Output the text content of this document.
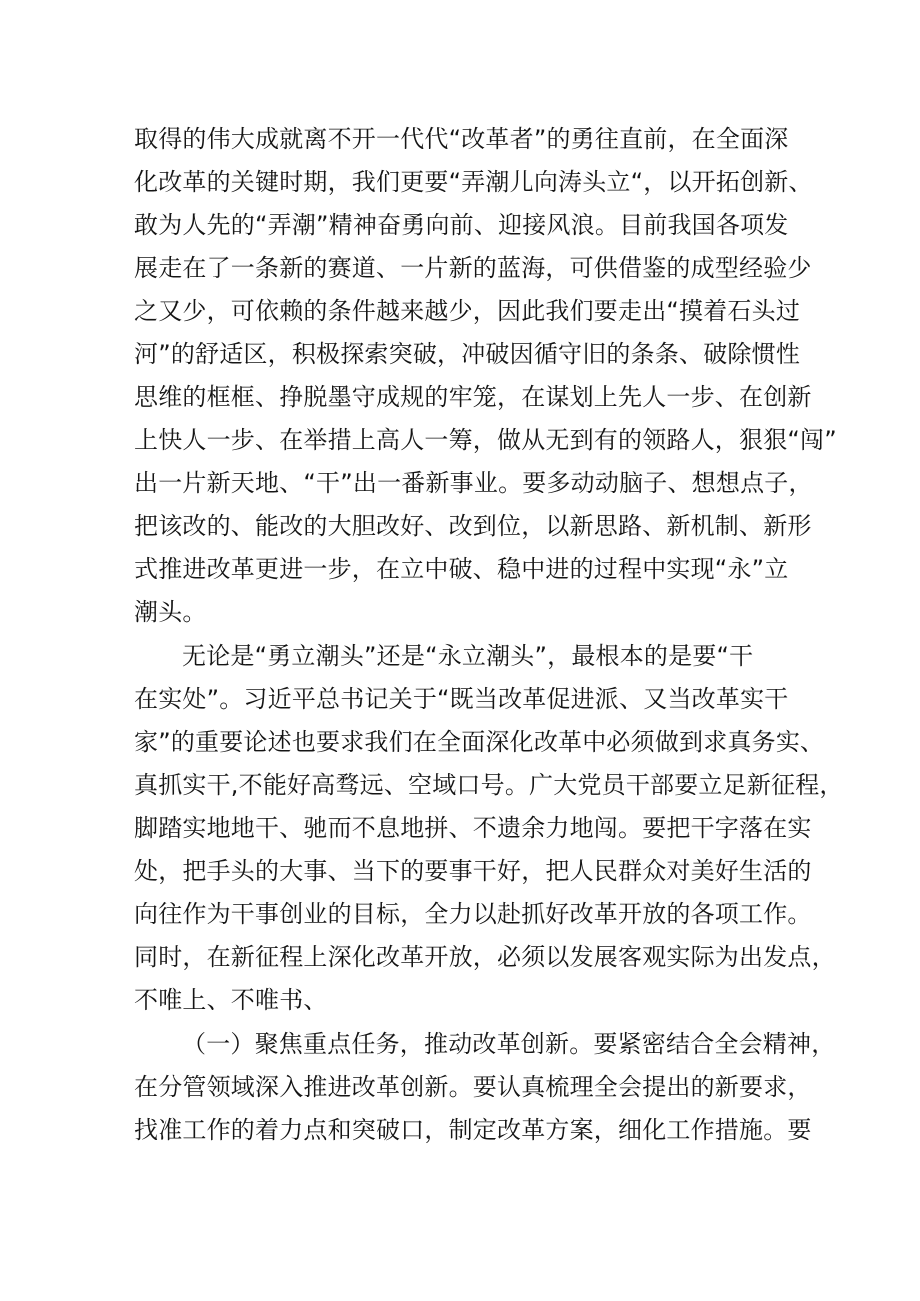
取得的伟大成就离不开一代代“改革者”的勇往直前，在全面深
化改革的关键时期，我们更要“弄潮儿向涛头立“，以开拓创新、
敢为人先的“弄潮”精神奋勇向前、迎接风浪。目前我国各项发
展走在了一条新的赛道、一片新的蓝海，可供借鉴的成型经验少
之又少，可依赖的条件越来越少，因此我们要走出“摸着石头过
河”的舒适区，积极探索突破，冲破因循守旧的条条、破除惯性
思维的框框、挣脱墨守成规的牢笼，在谋划上先人一步、在创新
上快人一步、在举措上高人一筹，做从无到有的领路人，狠狠“闯”
出一片新天地、“干”出一番新事业。要多动动脑子、想想点子，
把该改的、能改的大胆改好、改到位，以新思路、新机制、新形
式推进改革更进一步，在立中破、稳中进的过程中实现“永”立
潮头。
无论是“勇立潮头”还是“永立潮头”，最根本的是要“干
在实处”。习近平总书记关于“既当改革促进派、又当改革实干
家”的重要论述也要求我们在全面深化改革中必须做到求真务实、
真抓实干,不能好高骛远、空域口号。广大党员干部要立足新征程，
脚踏实地地干、驰而不息地拼、不遗余力地闯。要把干字落在实
处，把手头的大事、当下的要事干好，把人民群众对美好生活的
向往作为干事创业的目标，全力以赴抓好改革开放的各项工作。
同时，在新征程上深化改革开放，必须以发展客观实际为出发点，
不唯上、不唯书、
（一）聚焦重点任务，推动改革创新。要紧密结合全会精神，
在分管领域深入推进改革创新。要认真梳理全会提出的新要求，
找准工作的着力点和突破口，制定改革方案，细化工作措施。要
